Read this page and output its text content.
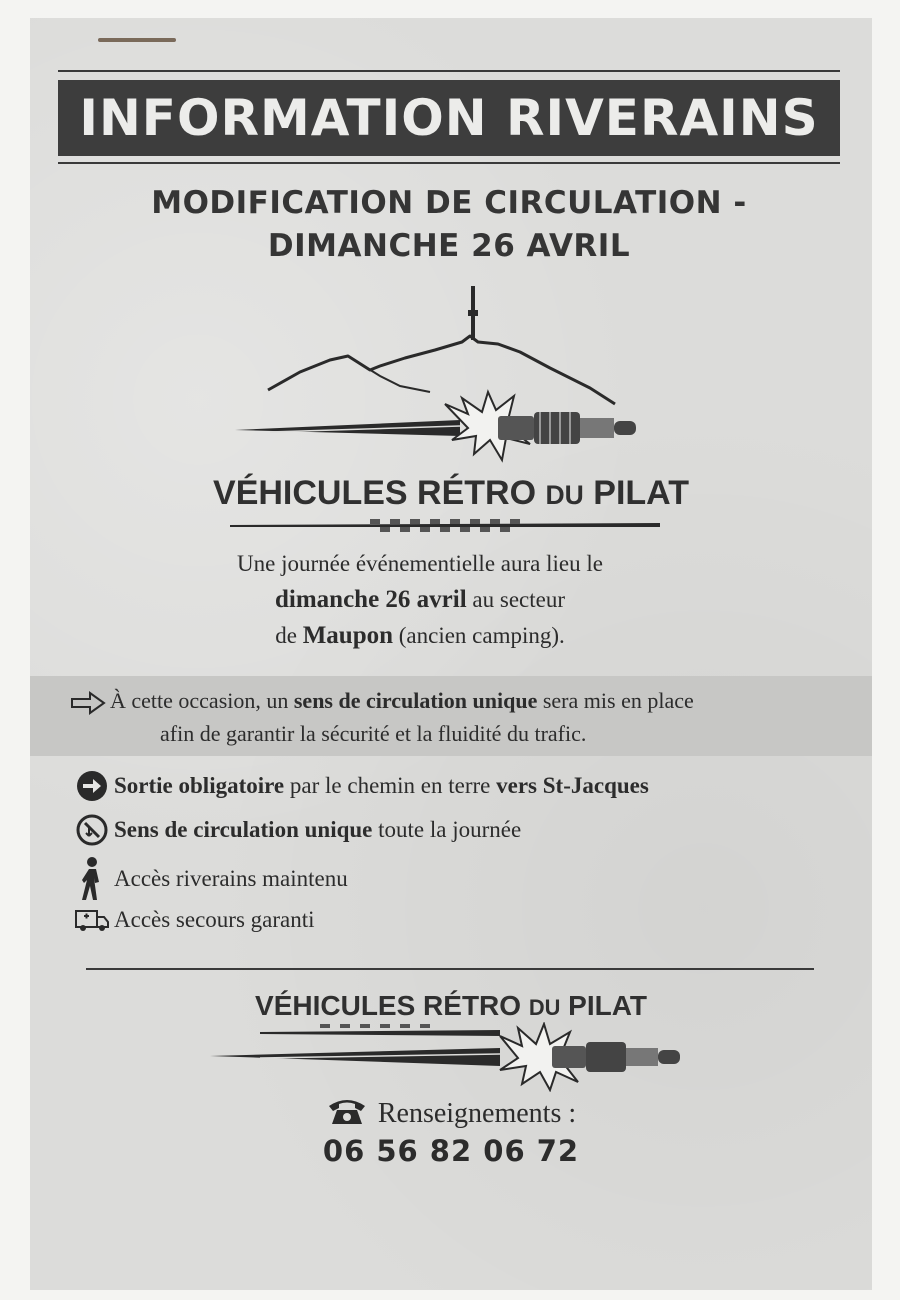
INFORMATION RIVERAINS
MODIFICATION DE CIRCULATION -
DIMANCHE 26 AVRIL
VÉHICULES RÉTRO DU PILAT
Une journée événementielle aura lieu le
dimanche 26 avril au secteur
de Maupon (ancien camping).
À cette occasion, un sens de circulation unique sera mis en place
afin de garantir la sécurité et la fluidité du trafic.
Sortie obligatoire par le chemin en terre vers St-Jacques
Sens de circulation unique toute la journée
Accès riverains maintenu
Accès secours garanti
VÉHICULES RÉTRO DU PILAT
Renseignements :
06 56 82 06 72
